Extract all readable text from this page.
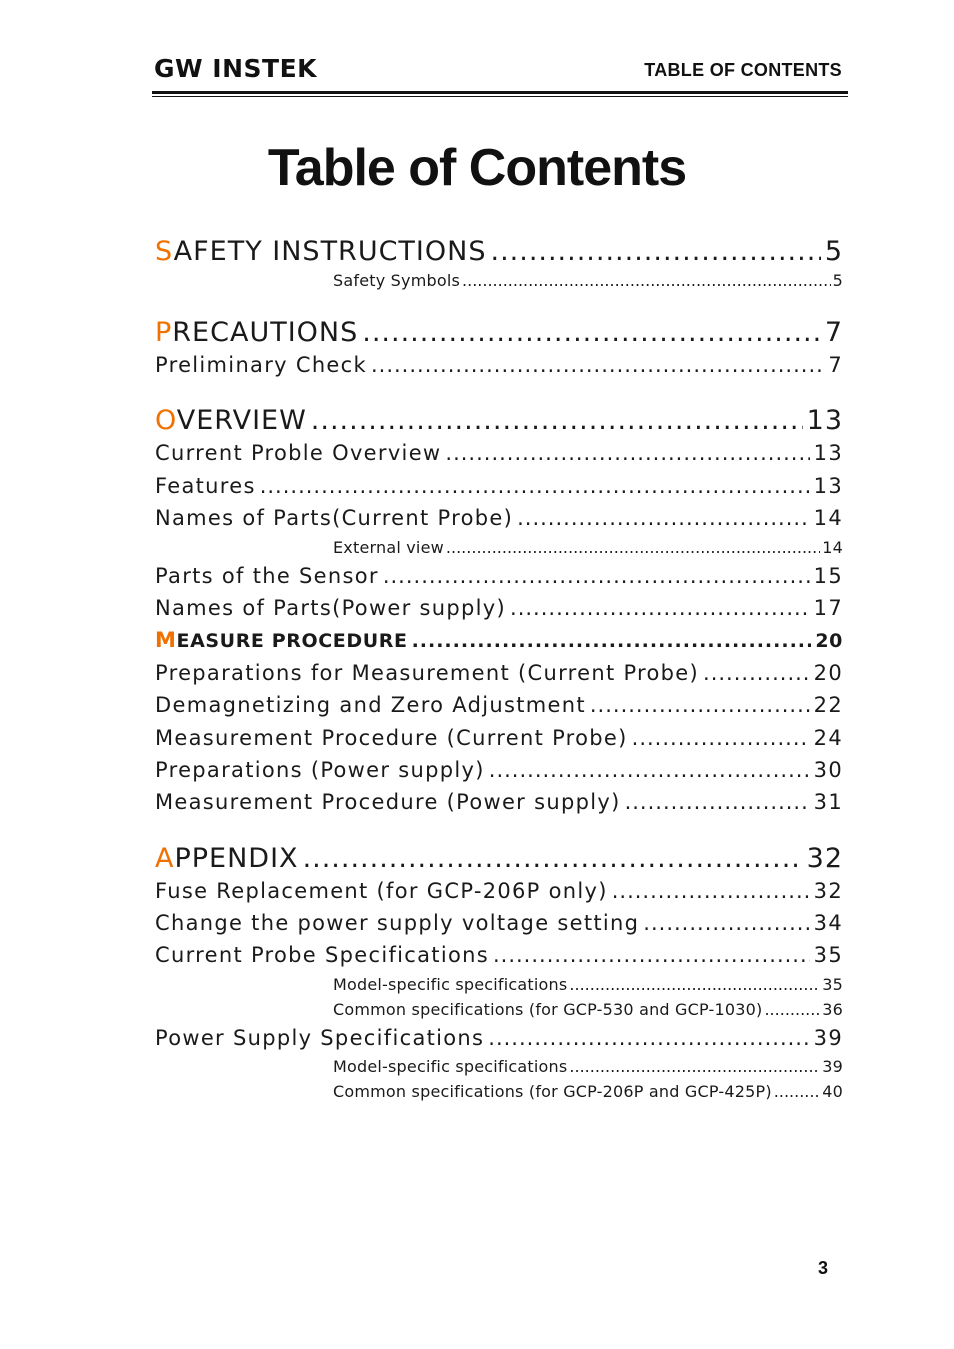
GW INSTEK	TABLE OF CONTENTS
Table of Contents
SAFETY INSTRUCTIONS .....	5
Safety Symbols .....	5
PRECAUTIONS .....	7
Preliminary Check .....	7
OVERVIEW .....	13
Current Proble Overview .....	13
Features .....	13
Names of Parts(Current Probe) .....	14
External view .....	14
Parts of the Sensor .....	15
Names of Parts(Power supply) .....	17
MEASURE PROCEDURE .....	20
Preparations for Measurement (Current Probe) .....	20
Demagnetizing and Zero Adjustment .....	22
Measurement Procedure (Current Probe) .....	24
Preparations (Power supply) .....	30
Measurement Procedure (Power supply) .....	31
APPENDIX .....	32
Fuse Replacement (for GCP-206P only) .....	32
Change the power supply voltage setting .....	34
Current Probe Specifications .....	35
Model-specific specifications .....	35
Common specifications (for GCP-530 and GCP-1030) .....	36
Power Supply Specifications .....	39
Model-specific specifications .....	39
Common specifications (for GCP-206P and GCP-425P) .....	40
3
